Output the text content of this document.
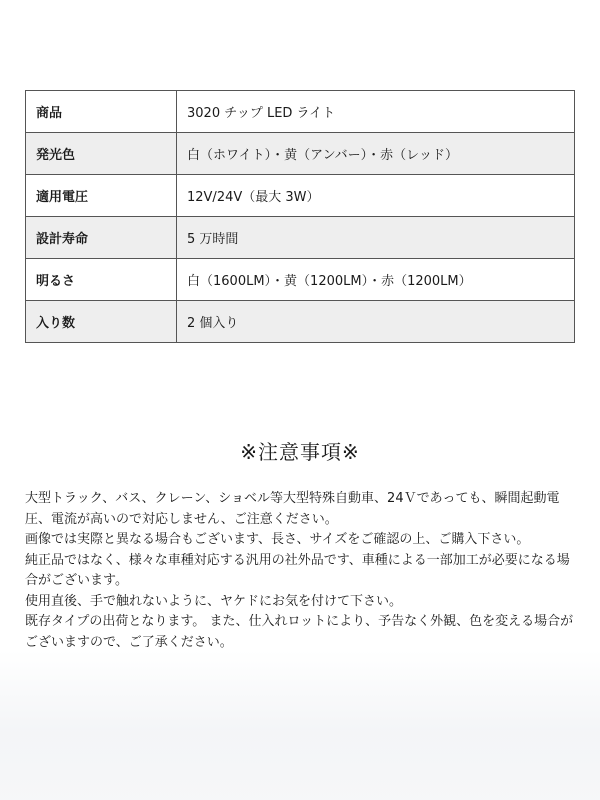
商品	3020 チップ LED ライト
発光色	白（ホワイト）・黄（アンバー）・赤（レッド）
適用電圧	12V/24V（最大 3W）
設計寿命	5 万時間
明るさ	白（1600LM）・黄（1200LM）・赤（1200LM）
入り数	2 個入り
※注意事項※

大型トラック、バス、クレーン、ショベル等大型特殊自動車、24Ｖであっても、瞬間起動電圧、電流が高いので対応しません、ご注意ください。

画像では実際と異なる場合もございます、長さ、サイズをご確認の上、ご購入下さい。

純正品ではなく、様々な車種対応する汎用の社外品です、車種による一部加工が必要になる場合がございます。

使用直後、手で触れないように、ヤケドにお気を付けて下さい。

既存タイプの出荷となります。 また、仕入れロットにより、予告なく外観、色を変える場合がございますので、ご了承ください。
